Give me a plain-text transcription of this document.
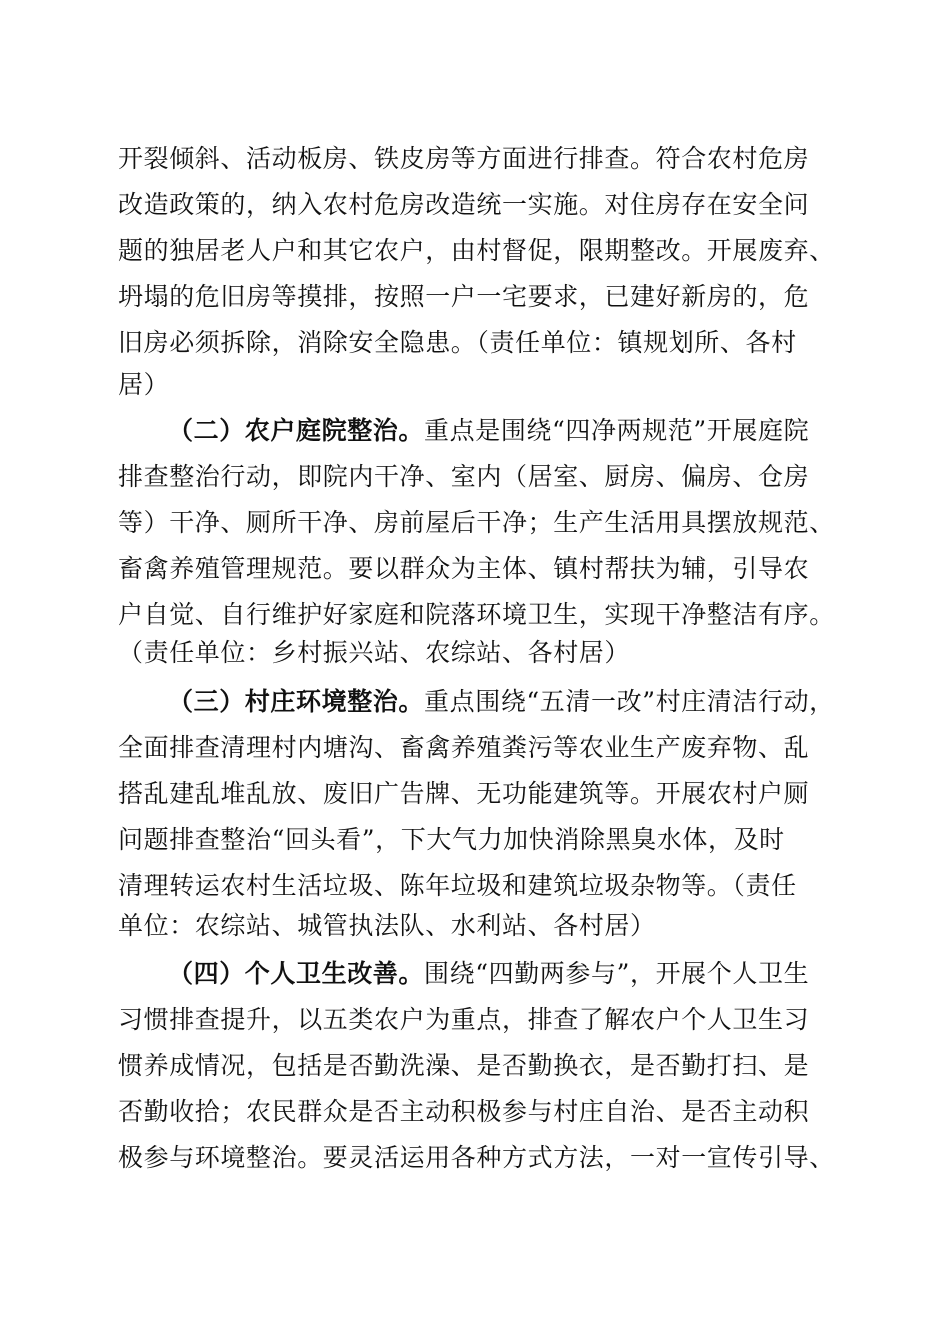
开裂倾斜、活动板房、铁皮房等方面进行排查。符合农村危房
改造政策的，纳入农村危房改造统一实施。对住房存在安全问
题的独居老人户和其它农户，由村督促，限期整改。开展废弃、
坍塌的危旧房等摸排，按照一户一宅要求，已建好新房的，危
旧房必须拆除，消除安全隐患。（责任单位：镇规划所、各村
居）
（二）农户庭院整治。重点是围绕“四净两规范”开展庭院
排查整治行动，即院内干净、室内（居室、厨房、偏房、仓房
等）干净、厕所干净、房前屋后干净；生产生活用具摆放规范、
畜禽养殖管理规范。要以群众为主体、镇村帮扶为辅，引导农
户自觉、自行维护好家庭和院落环境卫生，实现干净整洁有序。
（责任单位：乡村振兴站、农综站、各村居）
（三）村庄环境整治。重点围绕“五清一改”村庄清洁行动，
全面排查清理村内塘沟、畜禽养殖粪污等农业生产废弃物、乱
搭乱建乱堆乱放、废旧广告牌、无功能建筑等。开展农村户厕
问题排查整治“回头看”，下大气力加快消除黑臭水体，及时
清理转运农村生活垃圾、陈年垃圾和建筑垃圾杂物等。（责任
单位：农综站、城管执法队、水利站、各村居）
（四）个人卫生改善。围绕“四勤两参与”，开展个人卫生
习惯排查提升，以五类农户为重点，排查了解农户个人卫生习
惯养成情况，包括是否勤洗澡、是否勤换衣，是否勤打扫、是
否勤收拾；农民群众是否主动积极参与村庄自治、是否主动积
极参与环境整治。要灵活运用各种方式方法，一对一宣传引导、
